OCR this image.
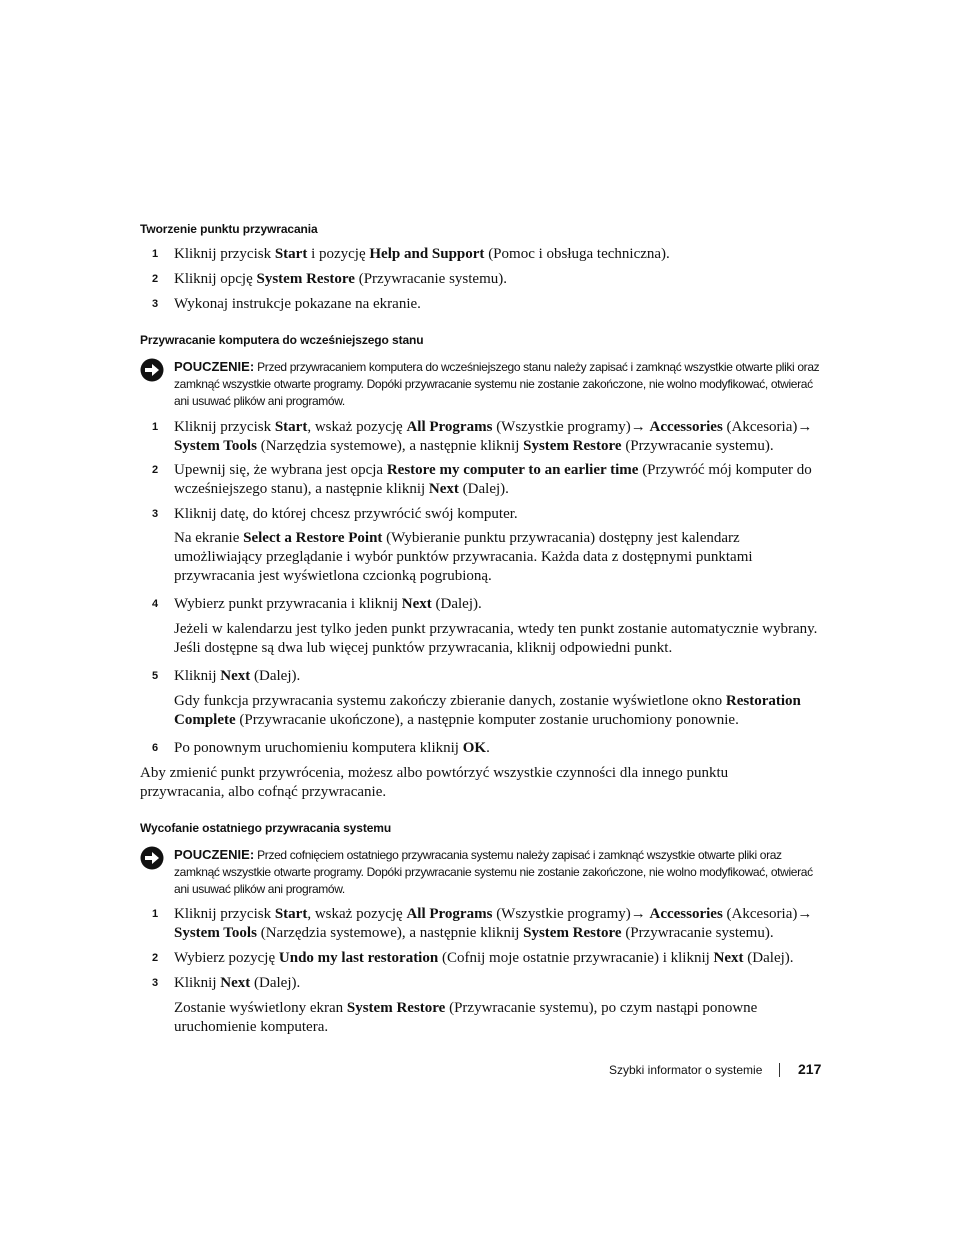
Tworzenie punktu przywracania
1 Kliknij przycisk Start i pozycję Help and Support (Pomoc i obsługa techniczna).
2 Kliknij opcję System Restore (Przywracanie systemu).
3 Wykonaj instrukcje pokazane na ekranie.
Przywracanie komputera do wcześniejszego stanu
POUCZENIE: Przed przywracaniem komputera do wcześniejszego stanu należy zapisać i zamknąć wszystkie otwarte pliki oraz zamknąć wszystkie otwarte programy. Dopóki przywracanie systemu nie zostanie zakończone, nie wolno modyfikować, otwierać ani usuwać plików ani programów.
1 Kliknij przycisk Start, wskaż pozycję All Programs (Wszystkie programy)→ Accessories (Akcesoria)→ System Tools (Narzędzia systemowe), a następnie kliknij System Restore (Przywracanie systemu).
2 Upewnij się, że wybrana jest opcja Restore my computer to an earlier time (Przywróć mój komputer do wcześniejszego stanu), a następnie kliknij Next (Dalej).
3 Kliknij datę, do której chcesz przywrócić swój komputer.
Na ekranie Select a Restore Point (Wybieranie punktu przywracania) dostępny jest kalendarz umożliwiający przeglądanie i wybór punktów przywracania. Każda data z dostępnymi punktami przywracania jest wyświetlona czcionką pogrubioną.
4 Wybierz punkt przywracania i kliknij Next (Dalej).
Jeżeli w kalendarzu jest tylko jeden punkt przywracania, wtedy ten punkt zostanie automatycznie wybrany. Jeśli dostępne są dwa lub więcej punktów przywracania, kliknij odpowiedni punkt.
5 Kliknij Next (Dalej).
Gdy funkcja przywracania systemu zakończy zbieranie danych, zostanie wyświetlone okno Restoration Complete (Przywracanie ukończone), a następnie komputer zostanie uruchomiony ponownie.
6 Po ponownym uruchomieniu komputera kliknij OK.
Aby zmienić punkt przywrócenia, możesz albo powtórzyć wszystkie czynności dla innego punktu przywracania, albo cofnąć przywracanie.
Wycofanie ostatniego przywracania systemu
POUCZENIE: Przed cofnięciem ostatniego przywracania systemu należy zapisać i zamknąć wszystkie otwarte pliki oraz zamknąć wszystkie otwarte programy. Dopóki przywracanie systemu nie zostanie zakończone, nie wolno modyfikować, otwierać ani usuwać plików ani programów.
1 Kliknij przycisk Start, wskaż pozycję All Programs (Wszystkie programy)→ Accessories (Akcesoria)→ System Tools (Narzędzia systemowe), a następnie kliknij System Restore (Przywracanie systemu).
2 Wybierz pozycję Undo my last restoration (Cofnij moje ostatnie przywracanie) i kliknij Next (Dalej).
3 Kliknij Next (Dalej).
Zostanie wyświetlony ekran System Restore (Przywracanie systemu), po czym nastąpi ponowne uruchomienie komputera.
Szybki informator o systemie	217
